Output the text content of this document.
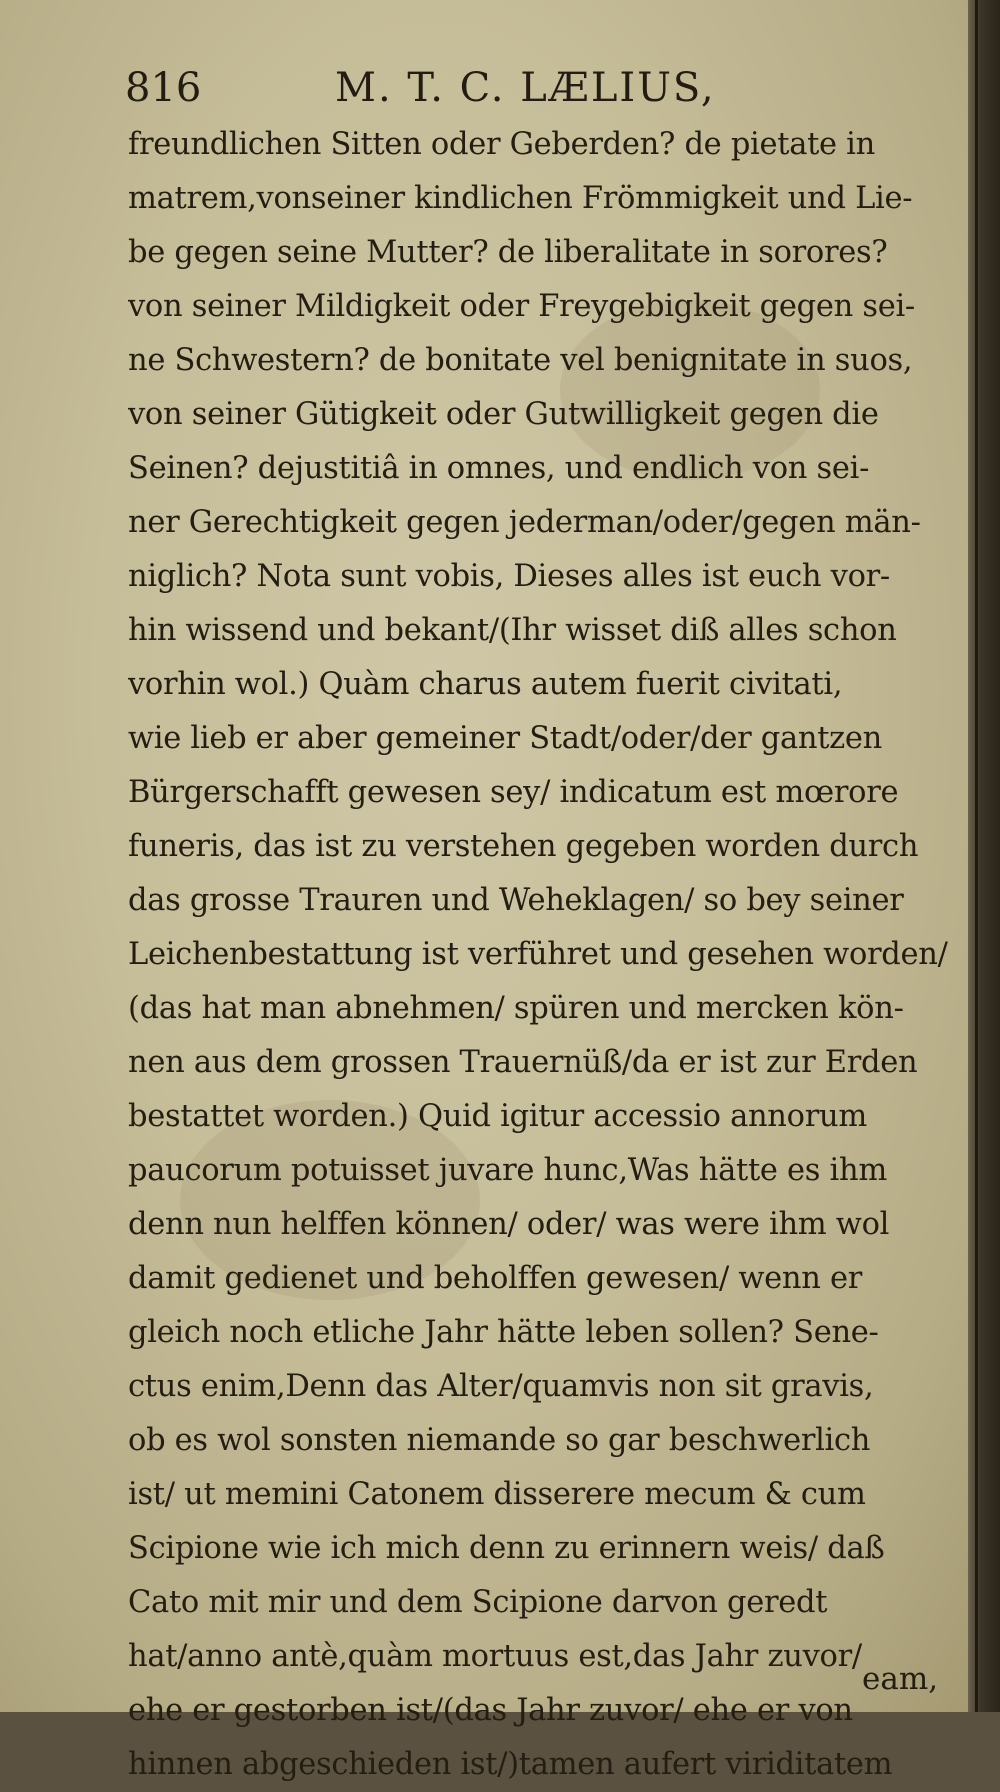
816	M. T. C. LÆLIUS,
freundlichen Sitten oder Geberden? de pietate in
matrem,vonseiner kindlichen Frömmigkeit und Lie-
be gegen seine Mutter? de liberalitate in sorores?
von seiner Mildigkeit oder Freygebigkeit gegen sei-
ne Schwestern? de bonitate vel benignitate in suos,
von seiner Gütigkeit oder Gutwilligkeit gegen die
Seinen? dejustitiâ in omnes, und endlich von sei-
ner Gerechtigkeit gegen jederman/oder/gegen män-
niglich? Nota sunt vobis, Dieses alles ist euch vor-
hin wissend und bekant/(Ihr wisset diß alles schon
vorhin wol.) Quàm charus autem fuerit civitati,
wie lieb er aber gemeiner Stadt/oder/der gantzen
Bürgerschafft gewesen sey/ indicatum est mœrore
funeris, das ist zu verstehen gegeben worden durch
das grosse Trauren und Weheklagen/ so bey seiner
Leichenbestattung ist verführet und gesehen worden/
(das hat man abnehmen/ spüren und mercken kön-
nen aus dem grossen Trauernüß/da er ist zur Erden
bestattet worden.) Quid igitur accessio annorum
paucorum potuisset juvare hunc,Was hätte es ihm
denn nun helffen können/ oder/ was were ihm wol
damit gedienet und beholffen gewesen/ wenn er
gleich noch etliche Jahr hätte leben sollen? Sene-
ctus enim,Denn das Alter/quamvis non sit gravis,
ob es wol sonsten niemande so gar beschwerlich
ist/ ut memini Catonem disserere mecum & cum
Scipione wie ich mich denn zu erinnern weis/ daß
Cato mit mir und dem Scipione darvon geredt
hat/anno antè,quàm mortuus est,das Jahr zuvor/
ehe er gestorben ist/(das Jahr zuvor/ ehe er von
hinnen abgeschieden ist/)tamen aufert viriditatem
eam,
